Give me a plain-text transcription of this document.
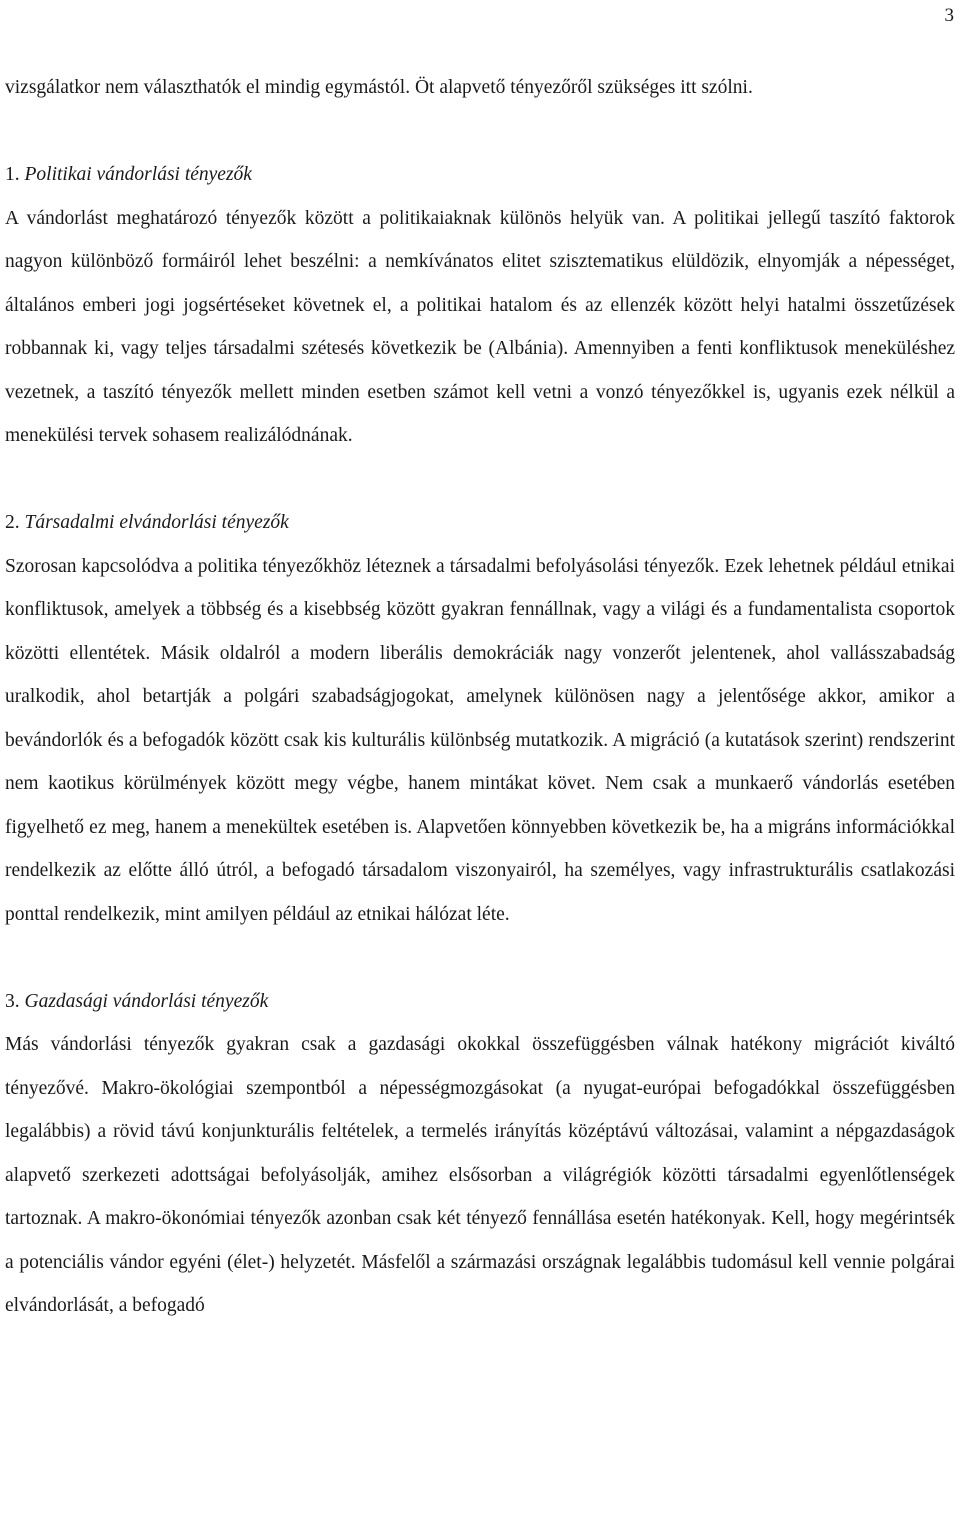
3

vizsgálatkor nem választhatók el mindig egymástól. Öt alapvető tényezőről szükséges itt szólni.

1. Politikai vándorlási tényezők

A vándorlást meghatározó tényezők között a politikaiaknak különös helyük van. A politikai jellegű taszító faktorok nagyon különböző formáiról lehet beszélni: a nemkívánatos elitet szisztematikus elüldözik, elnyomják a népességet, általános emberi jogi jogsértéseket követnek el, a politikai hatalom és az ellenzék között helyi hatalmi összetűzések robbannak ki, vagy teljes társadalmi szétesés következik be (Albánia). Amennyiben a fenti konfliktusok meneküléshez vezetnek, a taszító tényezők mellett minden esetben számot kell vetni a vonzó tényezőkkel is, ugyanis ezek nélkül a menekülési tervek sohasem realizálódnának.

2. Társadalmi elvándorlási tényezők

Szorosan kapcsolódva a politika tényezőkhöz léteznek a társadalmi befolyásolási tényezők. Ezek lehetnek például etnikai konfliktusok, amelyek a többség és a kisebbség között gyakran fennállnak, vagy a világi és a fundamentalista csoportok közötti ellentétek. Másik oldalról a modern liberális demokráciák nagy vonzerőt jelentenek, ahol vallásszabadság uralkodik, ahol betartják a polgári szabadságjogokat, amelynek különösen nagy a jelentősége akkor, amikor a bevándorlók és a befogadók között csak kis kulturális különbség mutatkozik. A migráció (a kutatások szerint) rendszerint nem kaotikus körülmények között megy végbe, hanem mintákat követ. Nem csak a munkaerő vándorlás esetében figyelhető ez meg, hanem a menekültek esetében is. Alapvetően könnyebben következik be, ha a migráns információkkal rendelkezik az előtte álló útról, a befogadó társadalom viszonyairól, ha személyes, vagy infrastrukturális csatlakozási ponttal rendelkezik, mint amilyen például az etnikai hálózat léte.

3. Gazdasági vándorlási tényezők

Más vándorlási tényezők gyakran csak a gazdasági okokkal összefüggésben válnak hatékony migrációt kiváltó tényezővé. Makro-ökológiai szempontból a népességmozgásokat (a nyugat-európai befogadókkal összefüggésben legalábbis) a rövid távú konjunkturális feltételek, a termelés irányítás középtávú változásai, valamint a népgazdaságok alapvető szerkezeti adottságai befolyásolják, amihez elsősorban a világrégiók közötti társadalmi egyenlőtlenségek tartoznak. A makro-ökonómiai tényezők azonban csak két tényező fennállása esetén hatékonyak. Kell, hogy megérintsék a potenciális vándor egyéni (élet-) helyzetét. Másfelől a származási országnak legalábbis tudomásul kell vennie polgárai elvándorlását, a befogadó
